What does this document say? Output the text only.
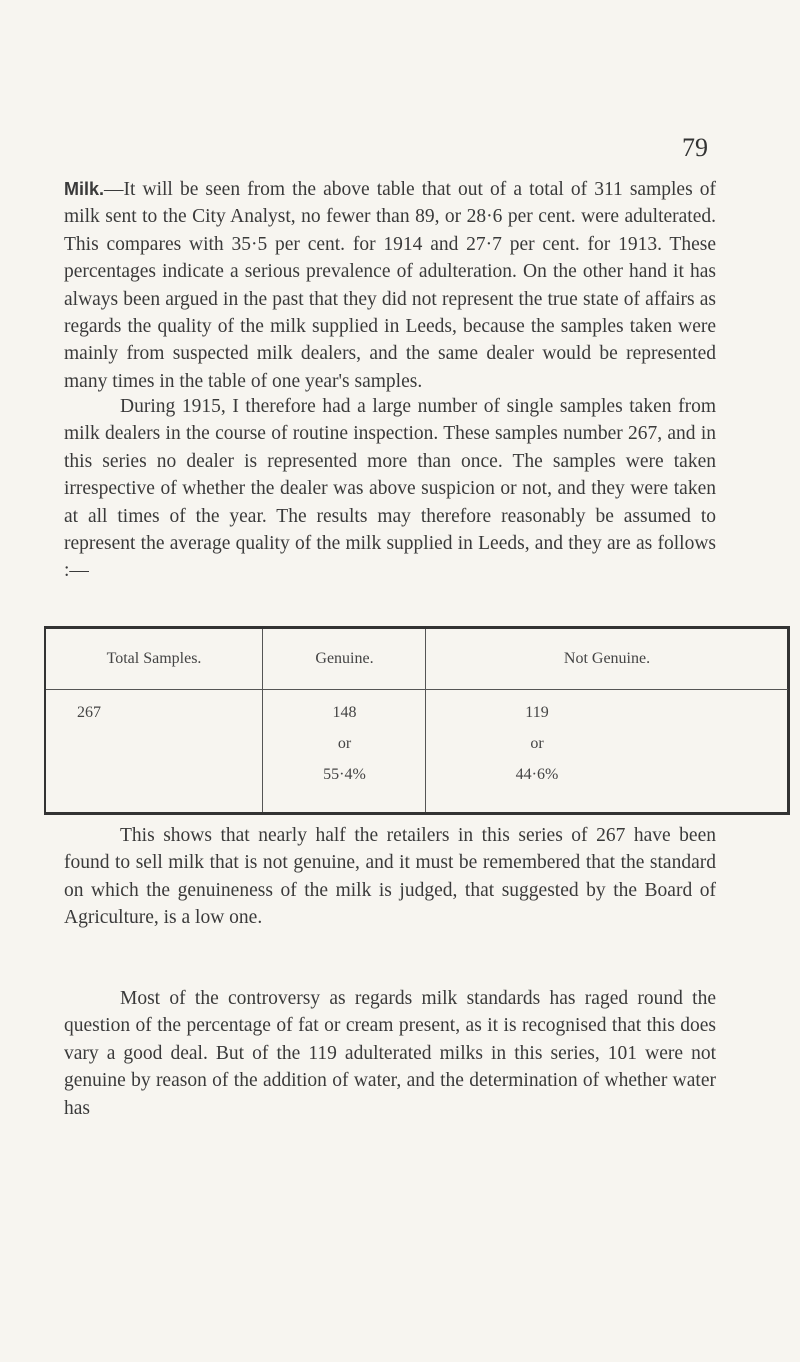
79

Milk.—It will be seen from the above table that out of a total of 311 samples of milk sent to the City Analyst, no fewer than 89, or 28·6 per cent. were adulterated. This compares with 35·5 per cent. for 1914 and 27·7 per cent. for 1913. These percentages indicate a serious prevalence of adulteration. On the other hand it has always been argued in the past that they did not represent the true state of affairs as regards the quality of the milk supplied in Leeds, because the samples taken were mainly from suspected milk dealers, and the same dealer would be represented many times in the table of one year's samples.

During 1915, I therefore had a large number of single samples taken from milk dealers in the course of routine inspection. These samples number 267, and in this series no dealer is represented more than once. The samples were taken irrespective of whether the dealer was above suspicion or not, and they were taken at all times of the year. The results may therefore reasonably be assumed to represent the average quality of the milk supplied in Leeds, and they are as follows :—

Total Samples.
267
Genuine.
148
or
55·4%
Not Genuine.
119
or
44·6%

This shows that nearly half the retailers in this series of 267 have been found to sell milk that is not genuine, and it must be remembered that the standard on which the genuineness of the milk is judged, that suggested by the Board of Agriculture, is a low one.

Most of the controversy as regards milk standards has raged round the question of the percentage of fat or cream present, as it is recognised that this does vary a good deal. But of the 119 adulterated milks in this series, 101 were not genuine by reason of the addition of water, and the determination of whether water has
